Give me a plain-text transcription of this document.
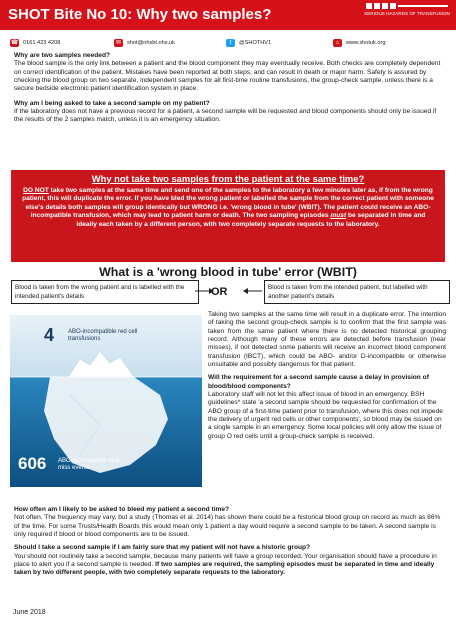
SHOT Bite No 10: Why two samples?	SERIOUS HAZARDS OF TRANSFUSION
☎ 0161 423 4208	✉	shot@nhsbt.nhs.uk	t	@SHOTHV1	⌂	www.shotuk.org
Why are two samples needed?
The blood sample is the only link between a patient and the blood component they may eventually receive. Both checks are completely dependent on correct identification of the patient. Mistakes have been reported at both steps, and can result in death or major harm. Safety is assured by checking the blood group on two separate, independent samples for all first-time routine transfusions, the group-check sample, unless there is a secure bedside electronic patient identification system in place.
Why am I being asked to take a second sample on my patient?
If the laboratory does not have a previous record for a patient, a second sample will be requested and blood components should only be issued if the results of the 2 samples match, unless it is an emergency situation.
Why not take two samples from the patient at the same time?
DO NOT take two samples at the same time and send one of the samples to the laboratory a few minutes later as, if from the wrong patient, this will duplicate the error. If you have bled the wrong patient or labelled the sample from the correct patient with someone else's details both samples will group identically but WRONG i.e. 'wrong blood in tube' (WBIT). The patient could receive an ABO-incompatible transfusion, which may lead to patient harm or death. The two sampling episodes must be separated in time and ideally each taken by a different person, with two completely separate requests to the laboratory.
What is a 'wrong blood in tube' error (WBIT)
Blood is taken from the wrong patient and is labelled with the intended patient's details	OR	Blood is taken from the intended patient, but labelled with another patient's details
4 ABO-incompatible red cell transfusions
606 ABO-incompatible near miss events
Taking two samples at the same time will result in a duplicate error. The intention of taking the second group-check sample is to confirm that the first sample was taken from the same patient where there is no detected historical grouping record. Although many of these errors are detected before transfusion (near misses), if not detected some patients will receive an incorrect blood component transfusion (IBCT), which could be ABO- and/or D-incompatible or otherwise unsuitable and possibly dangerous for that patient.
Will the requirement for a second sample cause a delay in provision of blood/blood components?
Laboratory staff will not let this affect issue of blood in an emergency. BSH guidelines* state 'a second sample should be requested for confirmation of the ABO group of a first-time patient prior to transfusion, where this does not impede the delivery of urgent red cells or other components', so blood may be issued on a single sample in an emergency. Some local policies will only allow the issue of group O red cells until a group-check sample is received.
How often am I likely to be asked to bleed my patient a second time?
Not often. The frequency may vary, but a study (Thomas et al. 2014) has shown there could be a historical blood group on record as much as 86% of the time. For some Trusts/Health Boards this would mean only 1 patient a day would require a second sample to be taken. A second sample is only required if blood or blood components are to be issued.
Should I take a second sample if I am fairly sure that my patient will not have a historic group?
You should not routinely take a second sample, because many patients will have a group recorded. Your organisation should have a procedure in place to alert you if a second sample is needed. If two samples are required, the sampling episodes must be separated in time and ideally taken by two different people, with two completely separate requests to the laboratory.
June 2018
